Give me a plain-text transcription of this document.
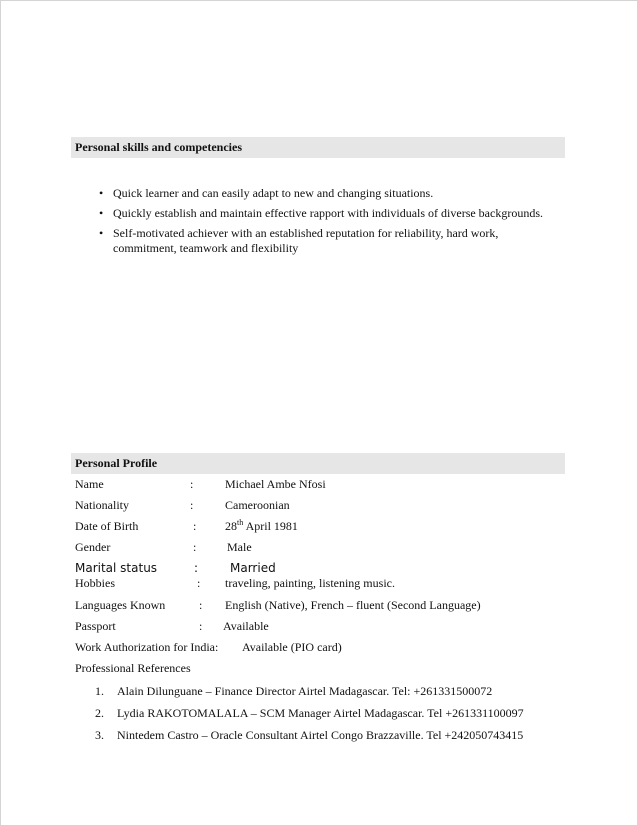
Personal skills and competencies
• Quick learner and can easily adapt to new and changing situations.
• Quickly establish and maintain effective rapport with individuals of diverse backgrounds.
• Self-motivated achiever with an established reputation for reliability, hard work, commitment, teamwork and flexibility
Personal Profile
Name	:	Michael Ambe Nfosi
Nationality	:	Cameroonian
Date of Birth	: 28th April 1981
Gender	:	Male
Marital status	:	Married
Hobbies	: traveling, painting, listening music.
Languages Known	: English (Native), French – fluent (Second Language)
Passport	: Available
Work Authorization for India: Available (PIO card)
Professional References
1. Alain Dilunguane – Finance Director Airtel Madagascar. Tel: +261331500072
2. Lydia RAKOTOMALALA – SCM Manager Airtel Madagascar. Tel +261331100097
3. Nintedem Castro – Oracle Consultant Airtel Congo Brazzaville. Tel +242050743415
